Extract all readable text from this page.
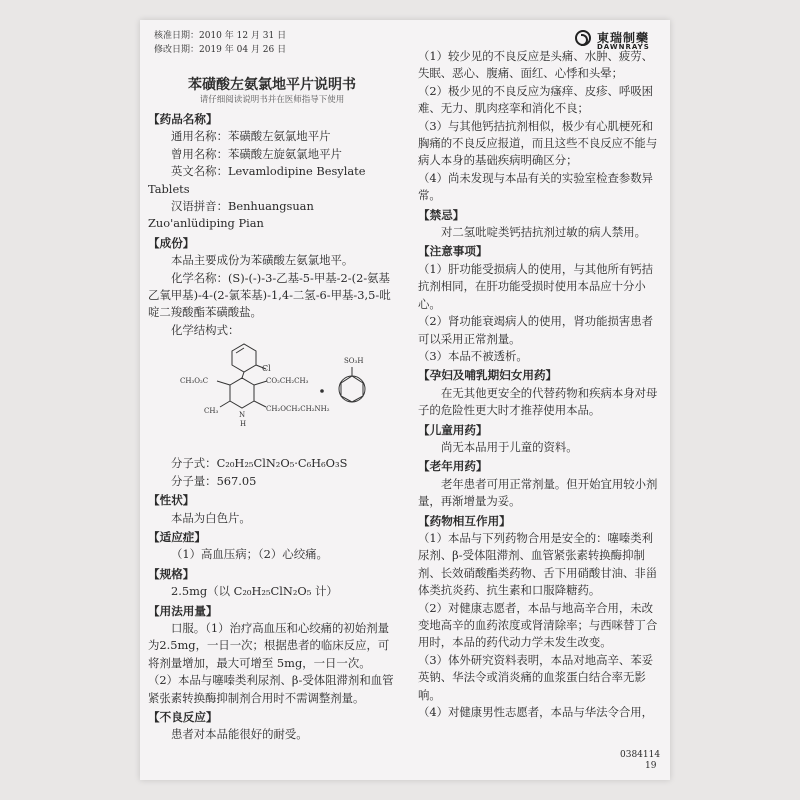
核准日期：2010 年 12 月 31 日
修改日期：2019 年 04 月 26 日
東瑞制藥
DAWNRAYS
苯磺酸左氨氯地平片说明书
请仔细阅读说明书并在医师指导下使用
【药品名称】

通用名称：苯磺酸左氨氯地平片

曾用名称：苯磺酸左旋氨氯地平片

英文名称：Levamlodipine Besylate Tablets

汉语拼音：Benhuangsuan Zuo'anlüdiping Pian

【成份】

本品主要成份为苯磺酸左氨氯地平。

化学名称：(S)-(-)-3-乙基-5-甲基-2-(2-氨基乙氧甲基)-4-(2-氯苯基)-1,4-二氢-6-甲基-3,5-吡啶二羧酸酯苯磺酸盐。

化学结构式：

Cl
CH₃O₂C	CO₂CH₂CH₃
CH₃	N
H
CH₂OCH₂CH₂NH₂
SO₃H

分子式：C₂₀H₂₅ClN₂O₅·C₆H₆O₃S

分子量：567.05

【性状】

本品为白色片。

【适应症】

（1）高血压病；（2）心绞痛。

【规格】

2.5mg（以 C₂₀H₂₅ClN₂O₅ 计）

【用法用量】

口服。（1）治疗高血压和心绞痛的初始剂量为2.5mg，一日一次；根据患者的临床反应，可将剂量增加，最大可增至 5mg，一日一次。

（2）本品与噻嗪类利尿剂、β-受体阻滞剂和血管紧张素转换酶抑制剂合用时不需调整剂量。

【不良反应】

患者对本品能很好的耐受。

（1）较少见的不良反应是头痛、水肿、疲劳、失眠、恶心、腹痛、面红、心悸和头晕；

（2）极少见的不良反应为瘙痒、皮疹、呼吸困难、无力、肌肉痉挛和消化不良；

（3）与其他钙拮抗剂相似，极少有心肌梗死和胸痛的不良反应报道，而且这些不良反应不能与病人本身的基础疾病明确区分；

（4）尚未发现与本品有关的实验室检查参数异常。

【禁忌】

对二氢吡啶类钙拮抗剂过敏的病人禁用。

【注意事项】

（1）肝功能受损病人的使用，与其他所有钙拮抗剂相同，在肝功能受损时使用本品应十分小心。

（2）肾功能衰竭病人的使用，肾功能损害患者可以采用正常剂量。

（3）本品不被透析。

【孕妇及哺乳期妇女用药】

在无其他更安全的代替药物和疾病本身对母子的危险性更大时才推荐使用本品。

【儿童用药】

尚无本品用于儿童的资料。

【老年用药】

老年患者可用正常剂量。但开始宜用较小剂量，再渐增量为妥。

【药物相互作用】

（1）本品与下列药物合用是安全的：噻嗪类利尿剂、β-受体阻滞剂、血管紧张素转换酶抑制剂、长效硝酸酯类药物、舌下用硝酸甘油、非甾体类抗炎药、抗生素和口服降糖药。

（2）对健康志愿者，本品与地高辛合用，未改变地高辛的血药浓度或肾清除率；与西咪替丁合用时，本品的药代动力学未发生改变。

（3）体外研究资料表明，本品对地高辛、苯妥英钠、华法令或消炎痛的血浆蛋白结合率无影响。

（4）对健康男性志愿者，本品与华法令合用，

0384114
19
